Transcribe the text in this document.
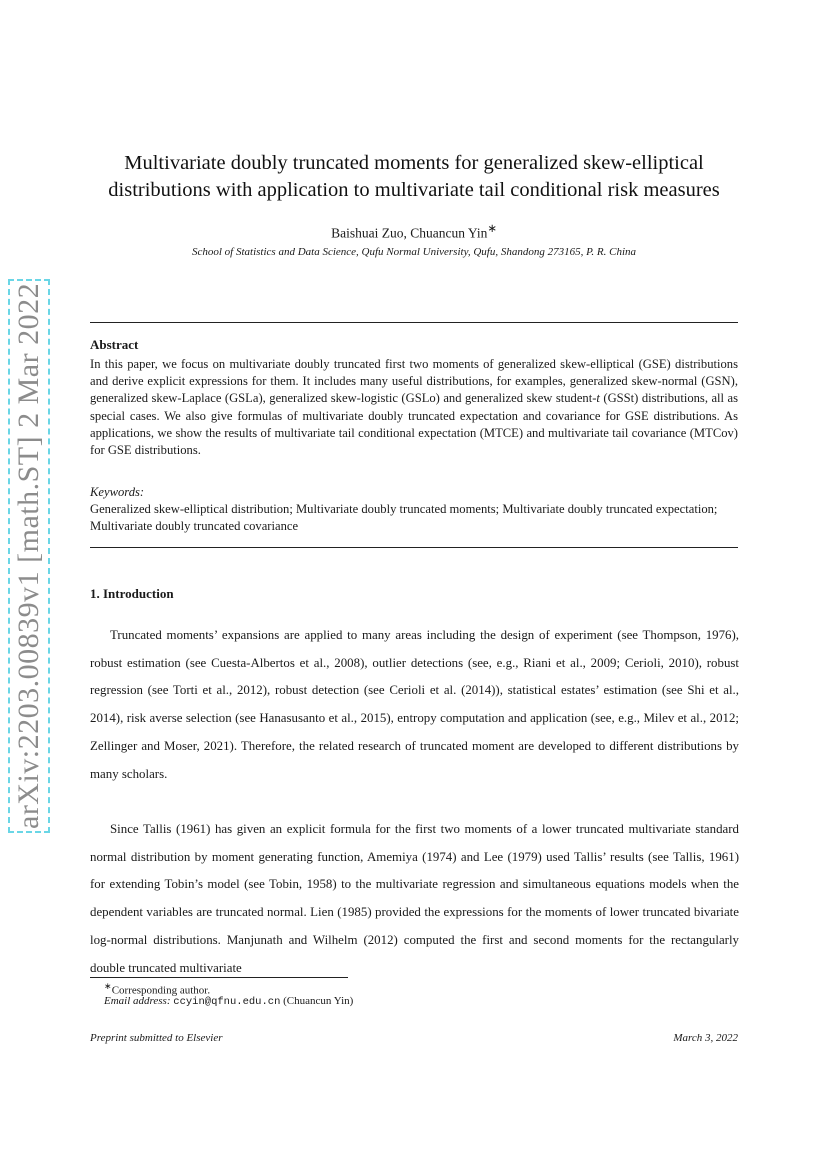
arXiv:2203.00839v1 [math.ST] 2 Mar 2022
Multivariate doubly truncated moments for generalized skew-elliptical
distributions with application to multivariate tail conditional risk measures
Baishuai Zuo, Chuancun Yin∗
School of Statistics and Data Science, Qufu Normal University, Qufu, Shandong 273165, P. R. China
Abstract
In this paper, we focus on multivariate doubly truncated first two moments of generalized skew-elliptical (GSE) distributions and derive explicit expressions for them. It includes many useful distributions, for examples, generalized skew-normal (GSN), generalized skew-Laplace (GSLa), generalized skew-logistic (GSLo) and generalized skew student-t (GSSt) distributions, all as special cases. We also give formulas of multivariate doubly truncated expectation and covariance for GSE distributions. As applications, we show the results of multivariate tail conditional expectation (MTCE) and multivariate tail covariance (MTCov) for GSE distributions.
Keywords:
Generalized skew-elliptical distribution; Multivariate doubly truncated moments; Multivariate doubly truncated expectation; Multivariate doubly truncated covariance
1. Introduction
Truncated moments’ expansions are applied to many areas including the design of experiment (see Thompson, 1976), robust estimation (see Cuesta-Albertos et al., 2008), outlier detections (see, e.g., Riani et al., 2009; Cerioli, 2010), robust regression (see Torti et al., 2012), robust detection (see Cerioli et al. (2014)), statistical estates’ estimation (see Shi et al., 2014), risk averse selection (see Hanasusanto et al., 2015), entropy computation and application (see, e.g., Milev et al., 2012; Zellinger and Moser, 2021). Therefore, the related research of truncated moment are developed to different distributions by many scholars.
Since Tallis (1961) has given an explicit formula for the first two moments of a lower truncated multivariate standard normal distribution by moment generating function, Amemiya (1974) and Lee (1979) used Tallis’ results (see Tallis, 1961) for extending Tobin’s model (see Tobin, 1958) to the multivariate regression and simultaneous equations models when the dependent variables are truncated normal. Lien (1985) provided the expressions for the moments of lower truncated bivariate log-normal distributions. Manjunath and Wilhelm (2012) computed the first and second moments for the rectangularly double truncated multivariate
∗Corresponding author.
Email address: ccyin@qfnu.edu.cn (Chuancun Yin)
Preprint submitted to Elsevier	March 3, 2022
